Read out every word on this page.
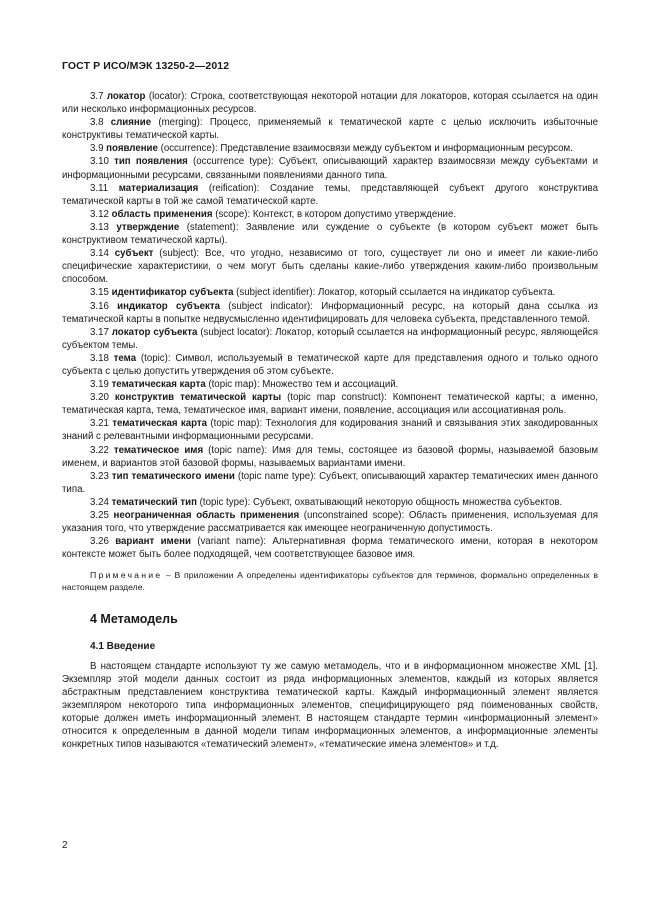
ГОСТ Р ИСО/МЭК 13250-2—2012

3.7 локатор (locator): Строка, соответствующая некоторой нотации для локаторов, которая ссылается на один или несколько информационных ресурсов.

3.8 слияние (merging): Процесс, применяемый к тематической карте с целью исключить избыточные конструктивы тематической карты.

3.9 появление (occurrence): Представление взаимосвязи между субъектом и информационным ресурсом.

3.10 тип появления (occurrence type): Субъект, описывающий характер взаимосвязи между субъектами и информационными ресурсами, связанными появлениями данного типа.

3.11 материализация (reification): Создание темы, представляющей субъект другого конструктива тематической карты в той же самой тематической карте.

3.12 область применения (scope): Контекст, в котором допустимо утверждение.

3.13 утверждение (statement): Заявление или суждение о субъекте (в котором субъект может быть конструктивом тематической карты).

3.14 субъект (subject): Все, что угодно, независимо от того, существует ли оно и имеет ли какие-либо специфические характеристики, о чем могут быть сделаны какие-либо утверждения каким-либо произвольным способом.

3.15 идентификатор субъекта (subject identifier): Локатор, который ссылается на индикатор субъекта.

3.16 индикатор субъекта (subject indicator): Информационный ресурс, на который дана ссылка из тематической карты в попытке недвусмысленно идентифицировать для человека субъекта, представленного темой.

3.17 локатор субъекта (subject locator): Локатор, который ссылается на информационный ресурс, являющейся субъектом темы.

3.18 тема (topic): Символ, используемый в тематической карте для представления одного и только одного субъекта с целью допустить утверждения об этом субъекте.

3.19 тематическая карта (topic map): Множество тем и ассоциаций.

3.20 конструктив тематической карты (topic map construct): Компонент тематической карты; а именно, тематическая карта, тема, тематическое имя, вариант имени, появление, ассоциация или ассоциативная роль.

3.21 тематическая карта (topic map): Технология для кодирования знаний и связывания этих закодированных знаний с релевантными информационными ресурсами.

3.22 тематическое имя (topic name): Имя для темы, состоящее из базовой формы, называемой базовым именем, и вариантов этой базовой формы, называемых вариантами имени.

3.23 тип тематического имени (topic name type): Субъект, описывающий характер тематических имен данного типа.

3.24 тематический тип (topic type): Субъект, охватывающий некоторую общность множества субъектов.

3.25 неограниченная область применения (unconstrained scope): Область применения, используемая для указания того, что утверждение рассматривается как имеющее неограниченную допустимость.

3.26 вариант имени (variant name): Альтернативная форма тематического имени, которая в некотором контексте может быть более подходящей, чем соответствующее базовое имя.

Примечание – В приложении А определены идентификаторы субъектов для терминов, формально определенных в настоящем разделе.

4 Метамодель
4.1 Введение

В настоящем стандарте используют ту же самую метамодель, что и в информационном множестве XML [1]. Экземпляр этой модели данных состоит из ряда информационных элементов, каждый из которых является абстрактным представлением конструктива тематической карты. Каждый информационный элемент является экземпляром некоторого типа информационных элементов, специфицирующего ряд поименованных свойств, которые должен иметь информационный элемент. В настоящем стандарте термин «информационный элемент» относится к определенным в данной модели типам информационных элементов, а информационные элементы конкретных типов называются «тематический элемент», «тематические имена элементов» и т.д.

2
